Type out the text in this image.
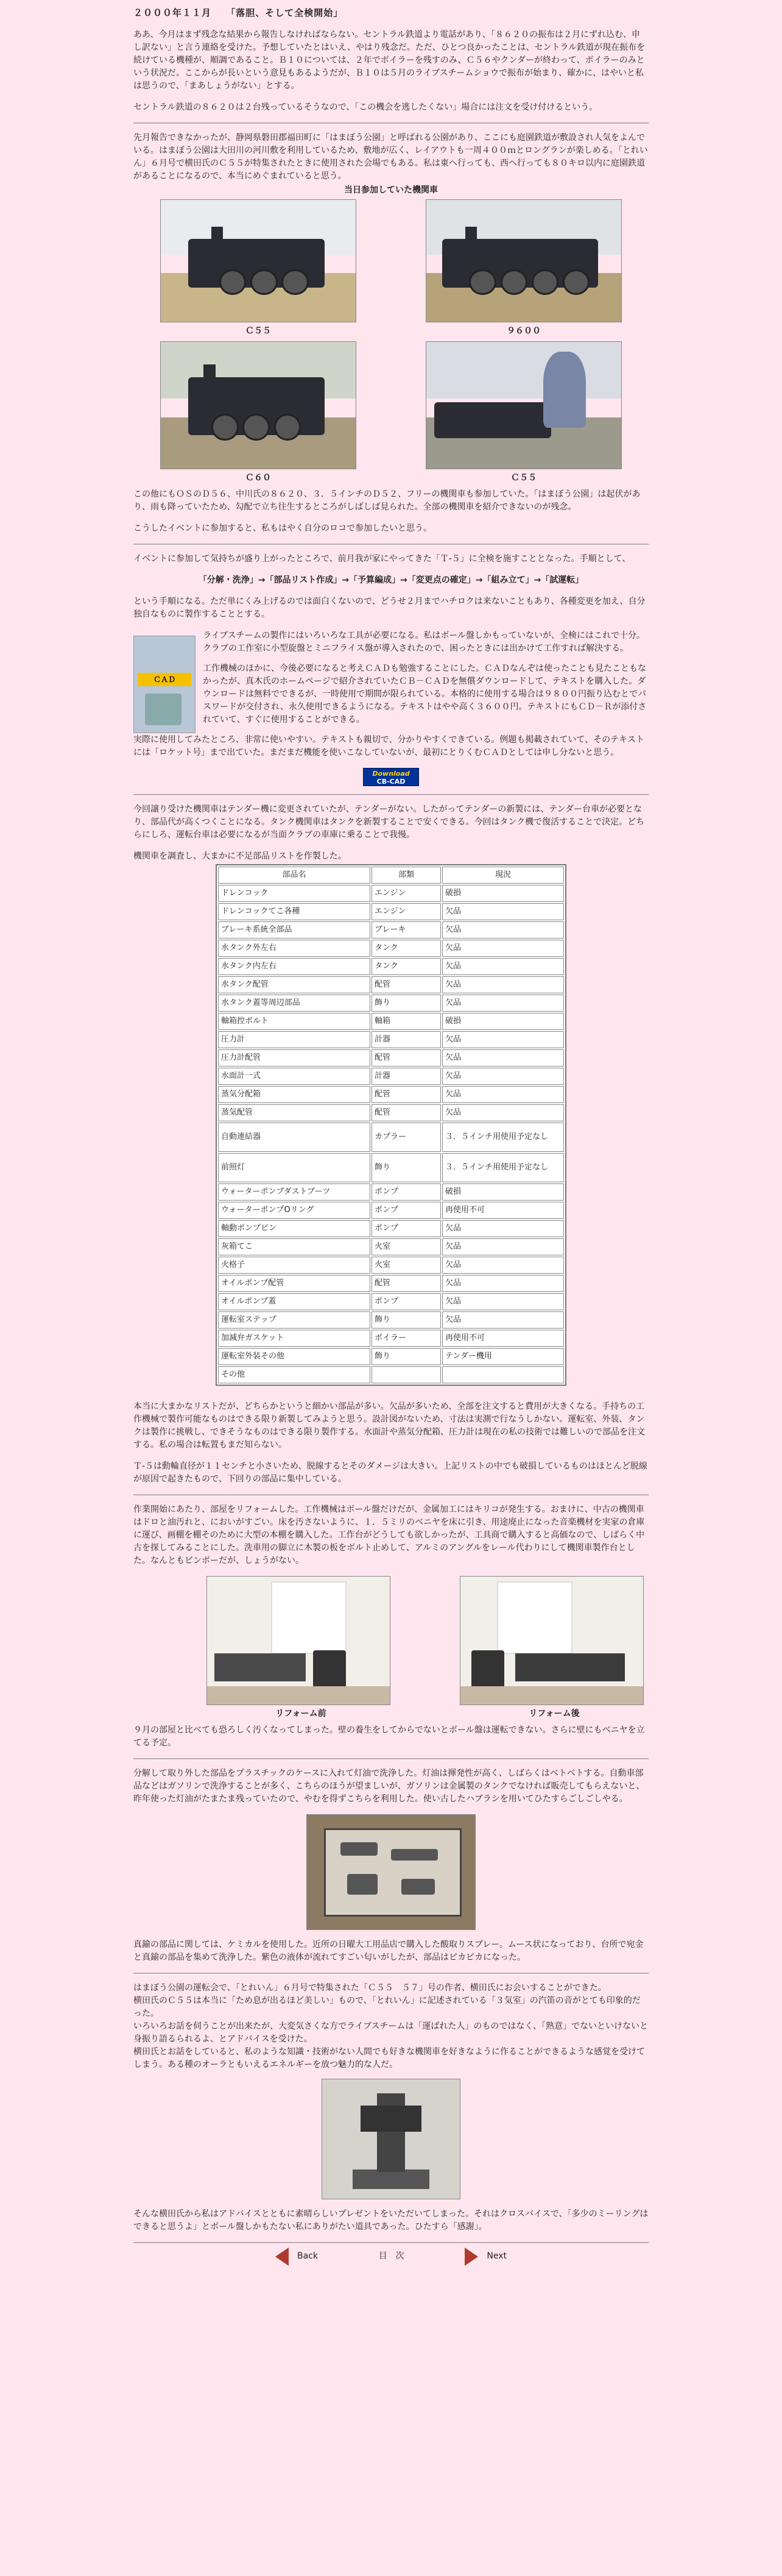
２０００年１１月 「落胆、そして全検開始」

ああ、今月はまず残念な結果から報告しなければならない。セントラル鉄道より電話があり、「８６２０の振布は２月にずれ込む、申し訳ない」と言う連絡を受けた。予想していたとはいえ、やはり残念だ。ただ、ひとつ良かったことは、セントラル鉄道が現在振布を続けている機種が、順調であること。Ｂ１０については、２年でボイラーを残すのみ、Ｃ５６やクンダーが終わって、ボイラーのみという状況だ。ここからが長いという意見もあるようだが、Ｂ１０は５月のライブスチームショウで振布が始まり、確かに、はやいと私は思うので、「まあしょうがない」とする。

セントラル鉄道の８６２０は２台残っているそうなので、「この機会を逃したくない」場合には注文を受け付けるという。

先月報告できなかったが、静岡県磐田郡福田町に「はまぼう公園」と呼ばれる公園があり、ここにも庭園鉄道が敷設され人気をよんでいる。はまぼう公園は大田川の河川敷を利用しているため、敷地が広く、レイアウトも一周４００ｍとロングランが楽しめる。「とれいん」６月号で横田氏のＣ５５が特集されたときに使用された会場でもある。私は東へ行っても、西へ行っても８０キロ以内に庭園鉄道があることになるので、本当にめぐまれていると思う。

当日参加していた機関車
Ｃ５５	９６００
Ｃ６０	Ｃ５５

この他にもＯＳのＤ５６、中川氏の８６２０、３．５インチのＤ５２、フリーの機関車も参加していた。「はまぼう公園」は起伏があり、雨も降っていたため、勾配で立ち往生するところがしばしば見られた。全部の機関車を紹介できないのが残念。

こうしたイベントに参加すると、私もはやく自分のロコで参加したいと思う。

イベントに参加して気持ちが盛り上がったところで、前月我が家にやってきた「Ｔ-５」に全検を施すこととなった。手順として、

「分解・洗浄」→「部品リスト作成」→「予算編成」→「変更点の確定」→「組み立て」→「試運転」

という手順になる。ただ単にくみ上げるのでは面白くないので、どうせ２月までハチロクは来ないこともあり、各種変更を加え、自分独自なものに製作することとする。

ＣＡＤ

ライブスチームの製作にはいろいろな工具が必要になる。私はボール盤しかもっていないが、全検にはこれで十分。クラブの工作室に小型旋盤とミニフライス盤が導入されたので、困ったときには出かけて工作すれば解決する。

工作機械のほかに、今後必要になると考えＣＡＤも勉強することにした。ＣＡＤなんぞは使ったことも見たこともなかったが、真木氏のホームページで紹介されていたＣＢ－ＣＡＤを無償ダウンロードして、テキストを購入した。ダウンロードは無料でできるが、一時使用で期間が限られている。本格的に使用する場合は９８００円振り込むとでパスワードが交付され、永久使用できるようになる。テキストはやや高く３６００円。テキストにもＣＤ－Ｒが添付されていて、すぐに使用することができる。

実際に使用してみたところ、非常に使いやすい。テキストも親切で、分かりやすくできている。例題も掲載されていて、そのテキストには「ロケット号」まで出ていた。まだまだ機能を使いこなしていないが、最初にとりくむＣＡＤとしては申し分ないと思う。

Download
CB-CAD

今回譲り受けた機関車はテンダー機に変更されていたが、テンダーがない。したがってテンダーの新製には、テンダー台車が必要となり、部品代が高くつくことになる。タンク機関車はタンクを新製することで安くできる。今回はタンク機で復活することで決定。どちらにしろ、運転台車は必要になるが当面クラブの車庫に乗ることで我慢。

機関車を調査し、大まかに不足部品リストを作製した。

部品名	部類	現況
ドレンコック	エンジン	破損
ドレンコックてこ各種	エンジン	欠品
ブレーキ系統全部品	ブレーキ	欠品
水タンク外左右	タンク	欠品
水タンク内左右	タンク	欠品
水タンク配管	配管	欠品
水タンク蓋等周辺部品	飾り	欠品
軸箱控ボルト	軸箱	破損
圧力計	計器	欠品
圧力計配管	配管	欠品
水面計一式	計器	欠品
蒸気分配箱	配管	欠品
蒸気配管	配管	欠品
自動連結器	カプラー	３．５インチ用使用予定なし
前照灯	飾り	３．５インチ用使用予定なし
ウォーターポンプダストブーツ	ポンプ	破損
ウォーターポンプOリング	ポンプ	再使用不可
軸動ポンプピン	ポンプ	欠品
灰箱てこ	火室	欠品
火格子	火室	欠品
オイルポンプ配管	配管	欠品
オイルポンプ蓋	ポンプ	欠品
運転室ステップ	飾り	欠品
加減弁ガスケット	ボイラー	再使用不可
運転室外装その他	飾り	テンダー機用
その他		

本当に大まかなリストだが、どちらかというと細かい部品が多い。欠品が多いため、全部を注文すると費用が大きくなる。手持ちの工作機械で製作可能なものはできる限り新製してみようと思う。設計図がないため、寸法は実測で行なうしかない。運転室、外装、タンクは製作に挑戦し、できそうなものはできる限り製作する。水面計や蒸気分配箱、圧力計は現在の私の技術では難しいので部品を注文する。私の場合は転置もまだ知らない。

Ｔ-５は動輪直径が１１センチと小さいため、脱線するとそのダメージは大きい。上記リストの中でも破損しているものはほとんど脱線が原因で起きたもので、下回りの部品に集中している。

作業開始にあたり、部屋をリフォームした。工作機械はボール盤だけだが、金属加工にはキリコが発生する。おまけに、中古の機関車はドロと油汚れと、においがすごい。床を汚さないように、１．５ミリのベニヤを床に引き、用途廃止になった音楽機材を実家の倉庫に運び、画棚を棚そのために大型の本棚を購入した。工作台がどうしても欲しかったが、工具商で購入すると高価なので、しばらく中古を探してみることにした。洗車用の脚立に木製の板をボルト止めして、アルミのアングルをレール代わりにして機関車製作台とした。なんともビンボーだが、しょうがない。

リフォーム前	リフォーム後

９月の部屋と比べても恐ろしく汚くなってしまった。壁の養生をしてからでないとボール盤は運転できない。さらに壁にもベニヤを立てる予定。

分解して取り外した部品をプラスチックのケースに入れて灯油で洗浄した。灯油は揮発性が高く、しばらくはベトベトする。自動車部品などはガソリンで洗浄することが多く、こちらのほうが望ましいが、ガソリンは金属製のタンクでなければ販売してもらえないと、昨年使った灯油がたまたま残っていたので、やむを得ずこちらを利用した。使い古したハブラシを用いてひたすらごしごしやる。

真鍮の部品に関しては、ケミカルを使用した。近所の日曜大工用品店で購入した酸取りスプレー。ムース状になっており、台所で宛金と真鍮の部品を集めて洗浄した。紫色の液体が流れてすごい匂いがしたが、部品はピカピカになった。

はまぼう公園の運転会で、「とれいん」６月号で特集された「Ｃ５５　５７」号の作者、横田氏にお会いすることができた。
横田氏のＣ５５は本当に「ため息が出るほど美しい」もので、「とれいん」に記述されている「３気室」の汽笛の音がとても印象的だった。
いろいろお話を伺うことが出来たが、大変気さくな方でライブスチームは「運ばれた人」のものではなく、「熟意」でないといけないと身振り語るられるよ、とアドバイスを受けた。
横田氏とお話をしていると、私のような知識・技術がない人間でも好きな機関車を好きなように作ることができるような感覚を受けてしまう。ある種のオーラともいえるエネルギーを放つ魅力的な人だ。

そんな横田氏から私はアドバイスとともに素晴らしいプレゼントをいただいてしまった。それはクロスバイスで、「多少のミーリングはできると思うよ」とボール盤しかもたない私にありがたい道具であった。ひたすら「感謝」。

Back	目　次	Next
